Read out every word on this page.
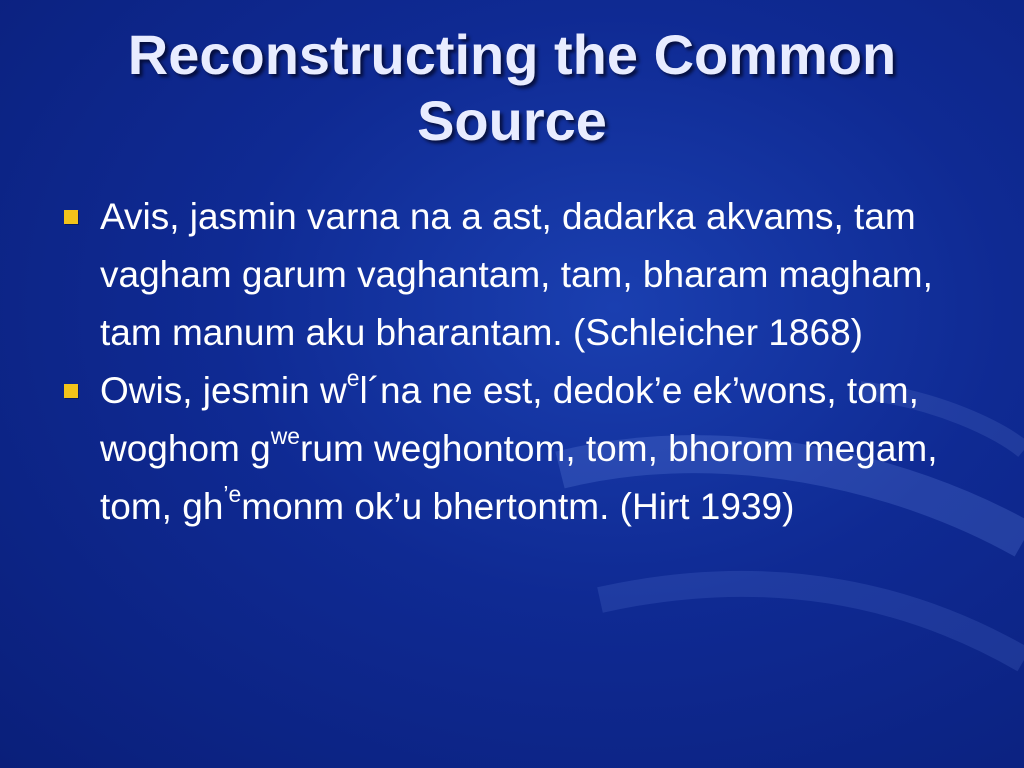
Reconstructing the Common Source
Avis, jasmin varna na a ast, dadarka akvams, tam vagham garum vaghantam, tam, bharam magham, tam manum aku bharantam. (Schleicher 1868)
Owis, jesmin $w^el´na$ ne est, dedok’e ek’wons, tom, woghom $g^{we}rum$ weghontom, tom, bhorom megam, tom, $gh^{’e}monm$ ok’u bhertontm. (Hirt 1939)
